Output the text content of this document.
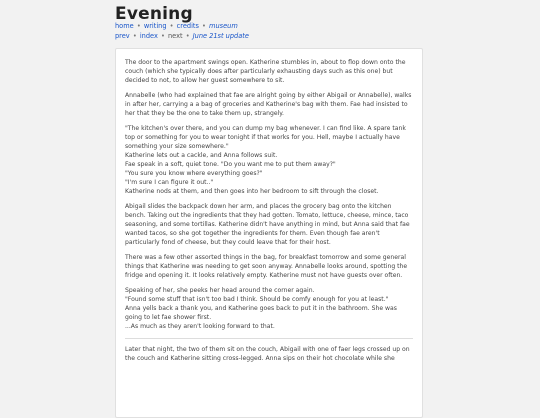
Evening
home • writing • credits • museum
prev • index • next • June 21st update

The door to the apartment swings open. Katherine stumbles in, about to flop down onto the couch (which she typically does after particularly exhausting days such as this one) but decided to not, to allow her guest somewhere to sit.

Annabelle (who had explained that fae are alright going by either Abigail or Annabelle), walks in after her, carrying a a bag of groceries and Katherine's bag with them. Fae had insisted to her that they be the one to take them up, strangely.

"The kitchen's over there, and you can dump my bag whenever. I can find like. A spare tank top or something for you to wear tonight if that works for you. Hell, maybe I actually have something your size somewhere."
Katherine lets out a cackle, and Anna follows suit.
Fae speak in a soft, quiet tone. "Do you want me to put them away?"
"You sure you know where everything goes?"
"I'm sure I can figure it out.."
Katherine nods at them, and then goes into her bedroom to sift through the closet.

Abigail slides the backpack down her arm, and places the grocery bag onto the kitchen bench. Taking out the ingredients that they had gotten. Tomato, lettuce, cheese, mince, taco seasoning, and some tortillas. Katherine didn't have anything in mind, but Anna said that fae wanted tacos, so she got together the ingredients for them. Even though fae aren't particularly fond of cheese, but they could leave that for their host.

There was a few other assorted things in the bag, for breakfast tomorrow and some general things that Katherine was needing to get soon anyway. Annabelle looks around, spotting the fridge and opening it. It looks relatively empty. Katherine must not have guests over often.

Speaking of her, she peeks her head around the corner again.
"Found some stuff that isn't too bad I think. Should be comfy enough for you at least."
Anna yells back a thank you, and Katherine goes back to put it in the bathroom. She was going to let fae shower first.
...As much as they aren't looking forward to that.

Later that night, the two of them sit on the couch, Abigail with one of faer legs crossed up on the couch and Katherine sitting cross-legged. Anna sips on their hot chocolate while she
